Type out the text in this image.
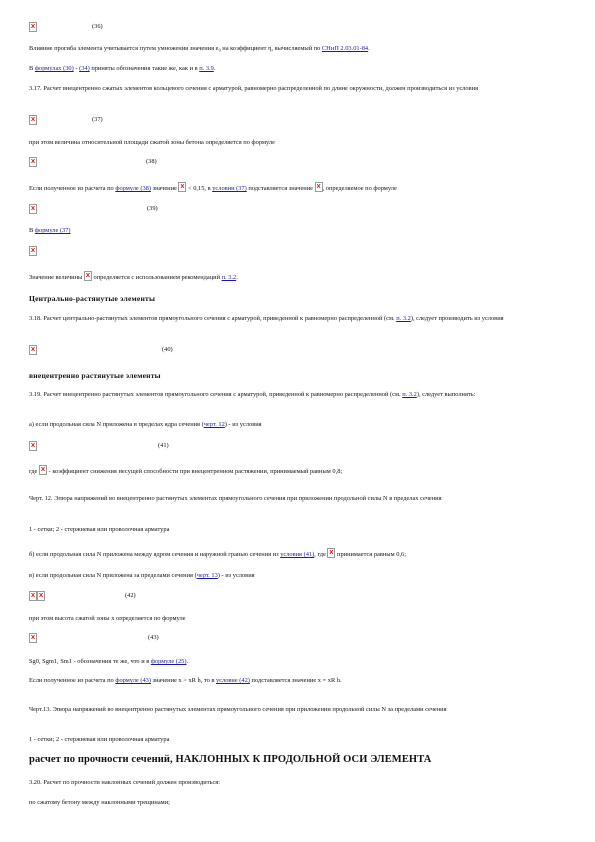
(36)
Влияние прогиба элемента учитывается путем умножения значения e₀ на коэффициент η, вычисляемый по СНиП 2.03.01-84.
В формулах (30) - (34) приняты обозначения такие же, как и в п. 3.9.
3.17. Расчет внецентренно сжатых элементов кольцевого сечения с арматурой, равномерно распределенной по длине окружности, должен производиться из условия
(37)
при этом величина относительной площади сжатой зоны бетона определяется по формуле
(38)
Если полученное из расчета по формуле (38) значение  < 0,15, в условии (37) подставляется значение , определяемое по формуле
(39)
В формуле (37)
Значение величины  определяется с использованием рекомендаций п. 3.2.
Центрально-растянутые элементы
3.18. Расчет центрально-растянутых элементов прямоугольного сечения с арматурой, приведенной к равномерно распределенной (см. п. 3.2), следует производить из условия
(40)
внецентренно растянутые элементы
3.19. Расчет внецентренно растянутых элементов прямоугольного сечения с арматурой, приведенной к равномерно распределенной (см. п. 3.2), следует выполнять:
а) если продольная сила N приложена в пределах ядра сечения (черт. 12) - из условия
(41)
где  - коэффициент снижения несущей способности при внецентренном растяжении, принимаемый равным 0,8;
Черт. 12. Эпюра напряжений во внецентренно растянутых элементах прямоугольного сечения при приложении продольной силы N в пределах сечения
1 - сетки; 2 - стержневая или проволочная арматура
б) если продольная сила N приложена между ядром сечения и наружной гранью сечения из условия (41), где  принимается равным 0,6;
в) если продольная сила N приложена за пределами сечения (черт. 13) - из условия
(42)
при этом высота сжатой зоны x определяется по формуле
(43)
Sg0, Sgm1, Sm1 - обозначения те же, что и в формуле (25).
Если полученное из расчета по формуле (43) значение x > xR h, то в условие (42) подставляется значение x = xR h.
Черт.13. Эпюра напряжений во внецентренно растянутых элементах прямоугольного сечения при приложении продольной силы N за пределами сечения
1 - сетки; 2 - стержневая или проволочная арматура
расчет по прочности сечений, НАКЛОННЫХ К ПРОДОЛЬНОЙ ОСИ ЭЛЕМЕНТА
3.20. Расчет по прочности наклонных сечений должен производиться:
по сжатому бетону между наклонными трещинами;
